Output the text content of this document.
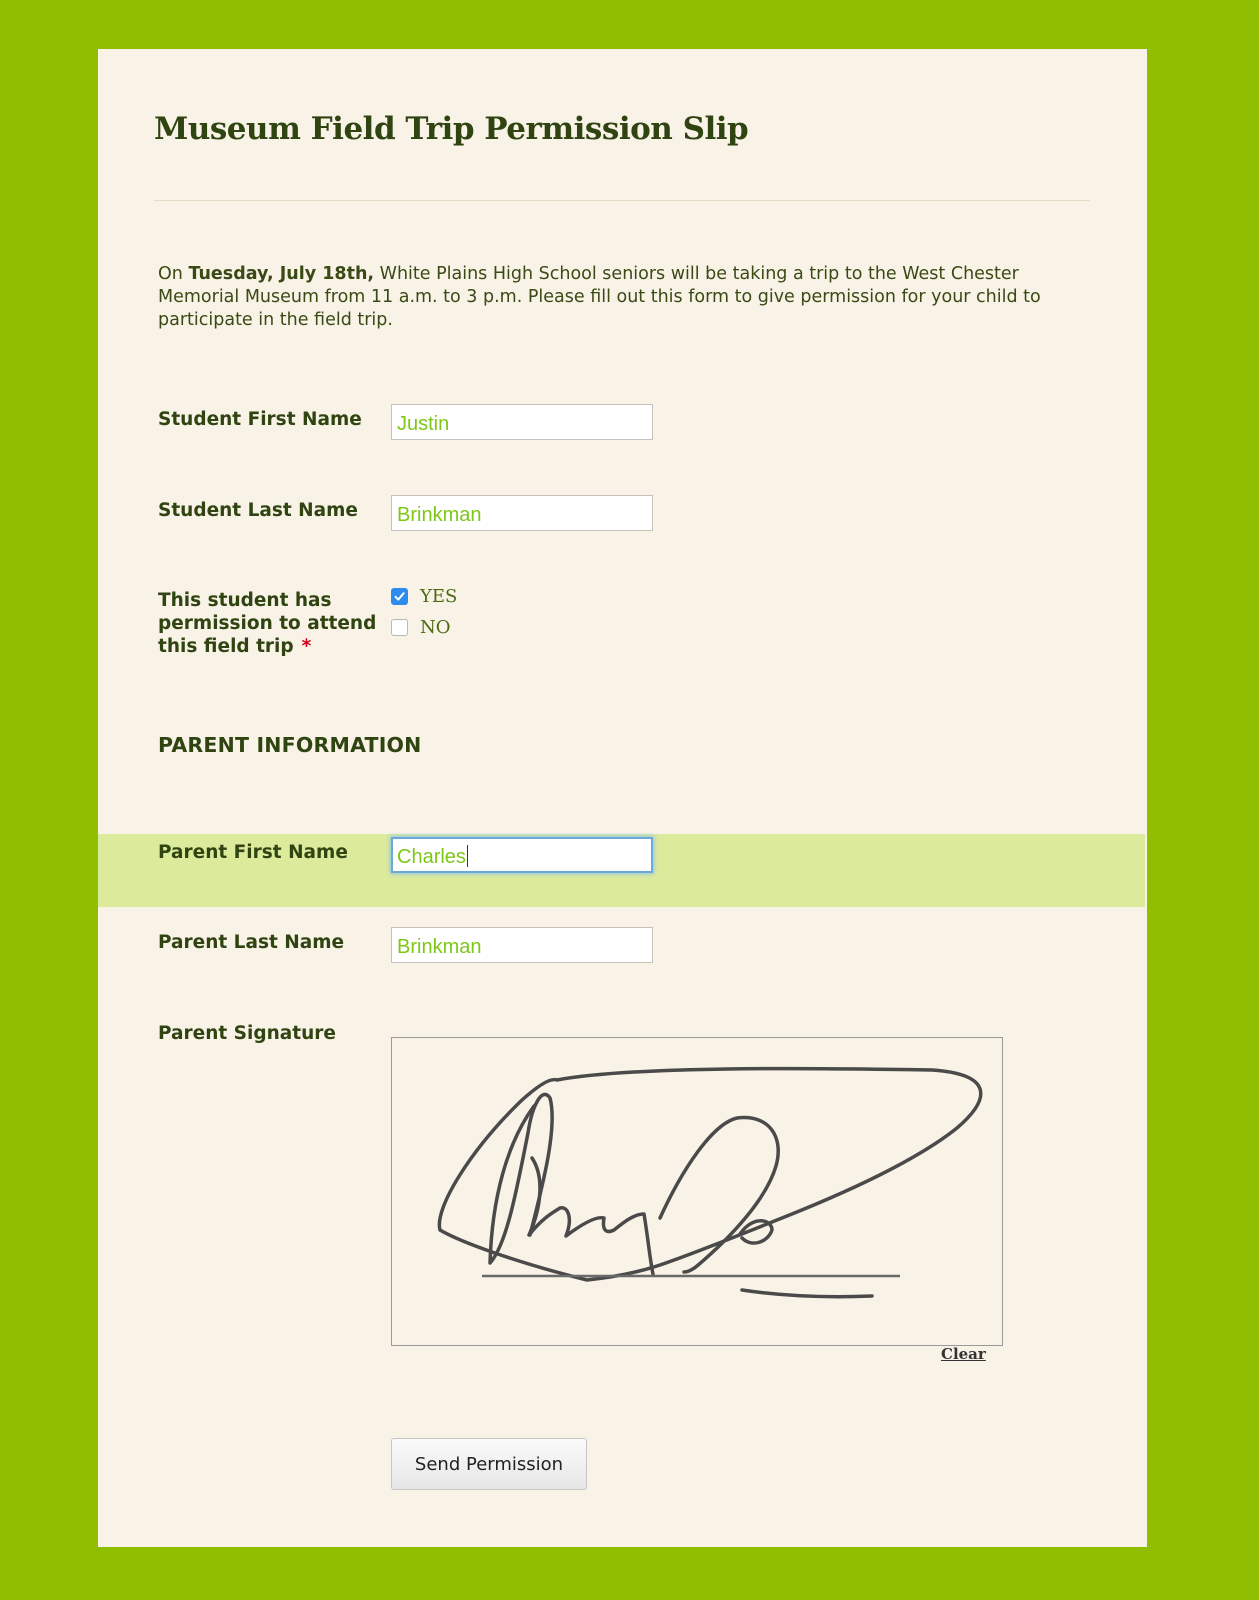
Museum Field Trip Permission Slip
On Tuesday, July 18th, White Plains High School seniors will be taking a trip to the West Chester Memorial Museum from 11 a.m. to 3 p.m. Please fill out this form to give permission for your child to participate in the field trip.
Student First Name	Justin
Student Last Name	Brinkman
This student has
permission to attend
this field trip *
YES
NO
PARENT INFORMATION
Parent First Name	Charles
Parent Last Name	Brinkman
Parent Signature
Clear
Send Permission
